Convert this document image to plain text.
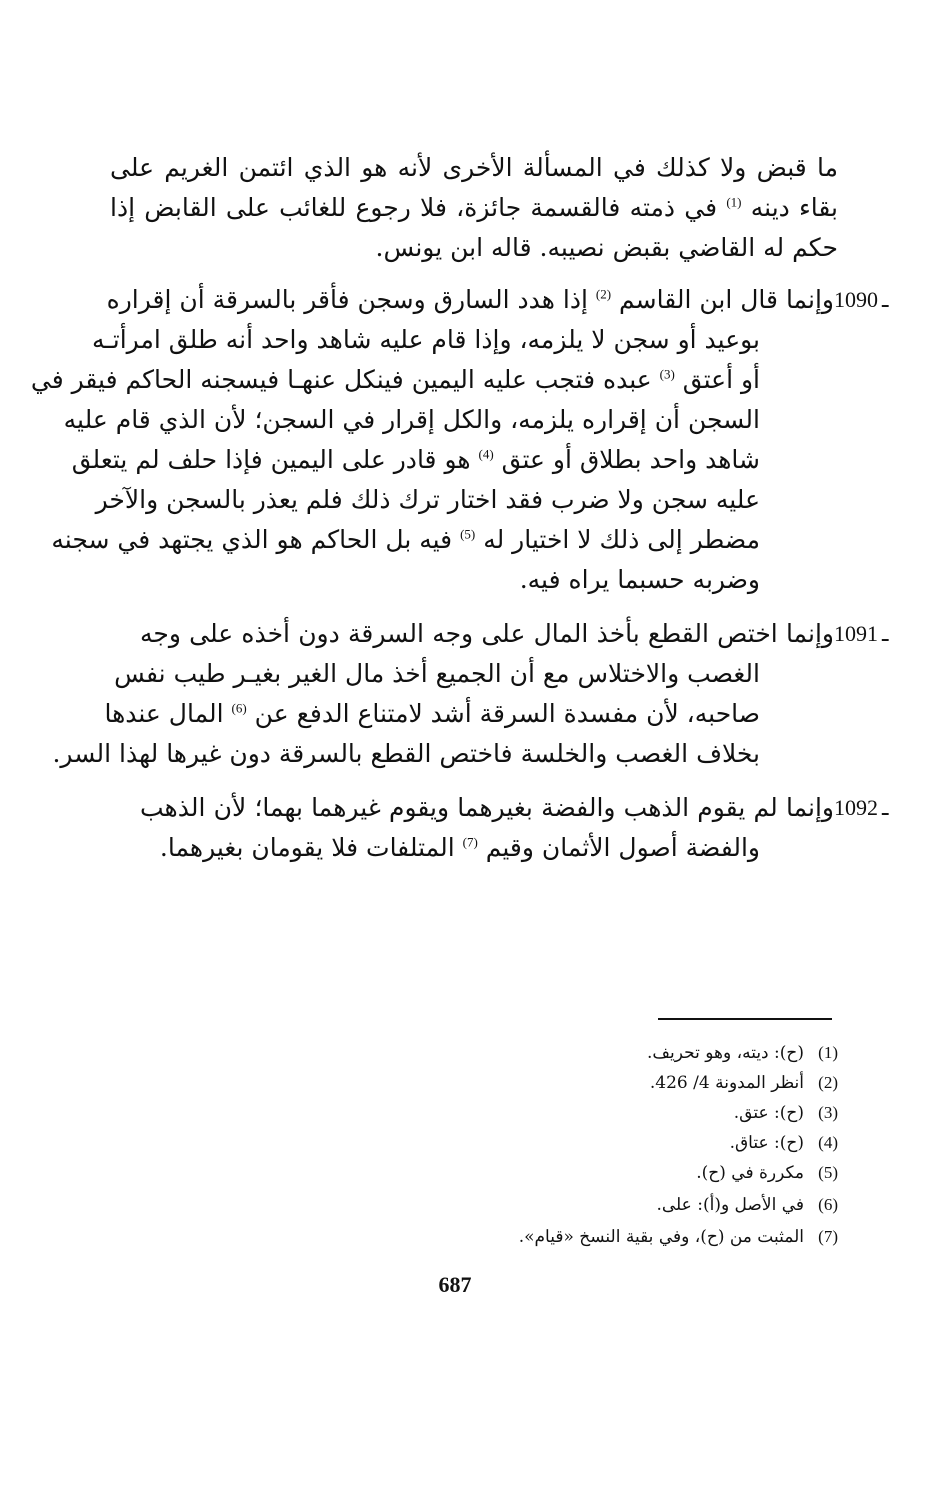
ما قبض ولا كذلك في المسألة الأخرى لأنه هو الذي ائتمن الغريم على
بقاء دينه $^{(1)}$ في ذمته فالقسمة جائزة، فلا رجوع للغائب على القابض إذا
حكم له القاضي بقبض نصيبه. قاله ابن يونس.
1090 ـ
وإنما قال ابن القاسم $^{(2)}$ إذا هدد السارق وسجن فأقر بالسرقة أن إقراره
بوعيد أو سجن لا يلزمه، وإذا قام عليه شاهد واحد أنه طلق امرأتـه
أو أعتق $^{(3)}$ عبده فتجب عليه اليمين فينكل عنهـا فيسجنه الحاكم فيقر في
السجن أن إقراره يلزمه، والكل إقرار في السجن؛ لأن الذي قام عليه
شاهد واحد بطلاق أو عتق $^{(4)}$ هو قادر على اليمين فإذا حلف لم يتعلق
عليه سجن ولا ضرب فقد اختار ترك ذلك فلم يعذر بالسجن والآخر
مضطر إلى ذلك لا اختيار له $^{(5)}$ فيه بل الحاكم هو الذي يجتهد في سجنه
وضربه حسبما يراه فيه.
1091 ـ
وإنما اختص القطع بأخذ المال على وجه السرقة دون أخذه على وجه
الغصب والاختلاس مع أن الجميع أخذ مال الغير بغيـر طيب نفس
صاحبه، لأن مفسدة السرقة أشد لامتناع الدفع عن $^{(6)}$ المال عندها
بخلاف الغصب والخلسة فاختص القطع بالسرقة دون غيرها لهذا السر.
1092 ـ
وإنما لم يقوم الذهب والفضة بغيرهما ويقوم غيرهما بهما؛ لأن الذهب
والفضة أصول الأثمان وقيم $^{(7)}$ المتلفات فلا يقومان بغيرهما.
(1)(ح): ديته، وهو تحريف.
(2)أنظر المدونة 4/ 426.
(3)(ح): عتق.
(4)(ح): عتاق.
(5)مكررة في (ح).
(6)في الأصل و(أ): على.
(7)المثبت من (ح)، وفي بقية النسخ «قيام».
687
